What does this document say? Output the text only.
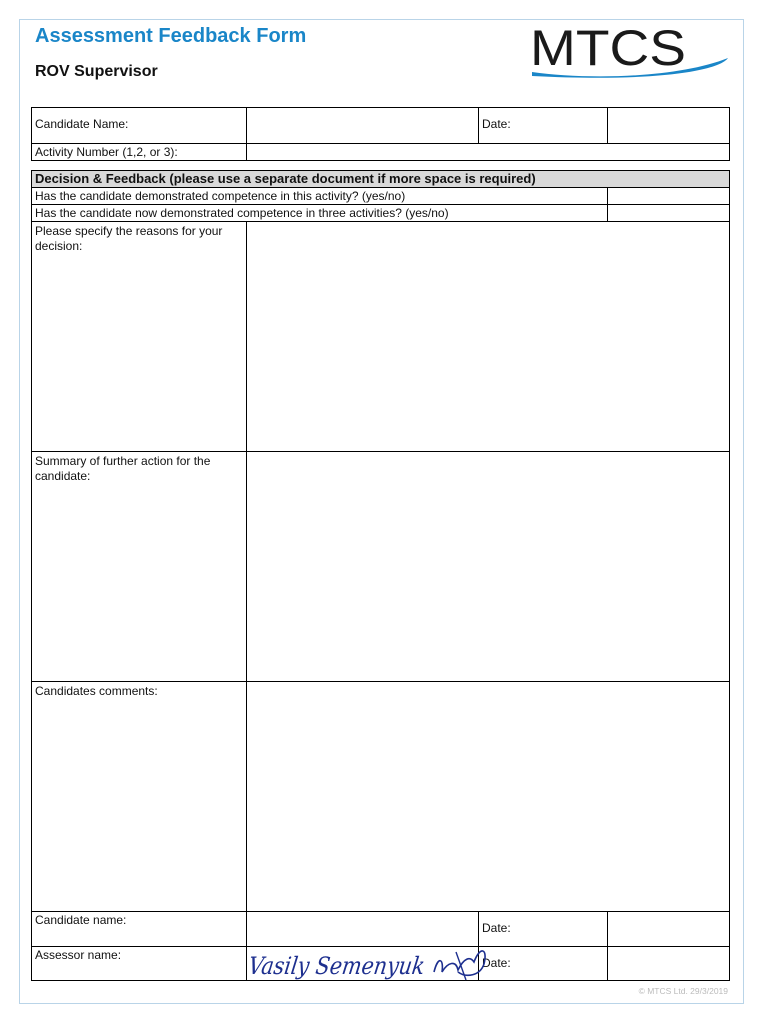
Assessment Feedback Form
ROV Supervisor	MTCS
Candidate Name:	Date:
Activity Number (1,2, or 3):
Decision & Feedback (please use a separate document if more space is required)
Has the candidate demonstrated competence in this activity? (yes/no)
Has the candidate now demonstrated competence in three activities? (yes/no)
Please specify the reasons for your decision:
Summary of further action for the candidate:
Candidates comments:
Candidate name:
Date:
Assessor name:
Date:
Vasily Semenyuk
© MTCS Ltd. 29/3/2019
